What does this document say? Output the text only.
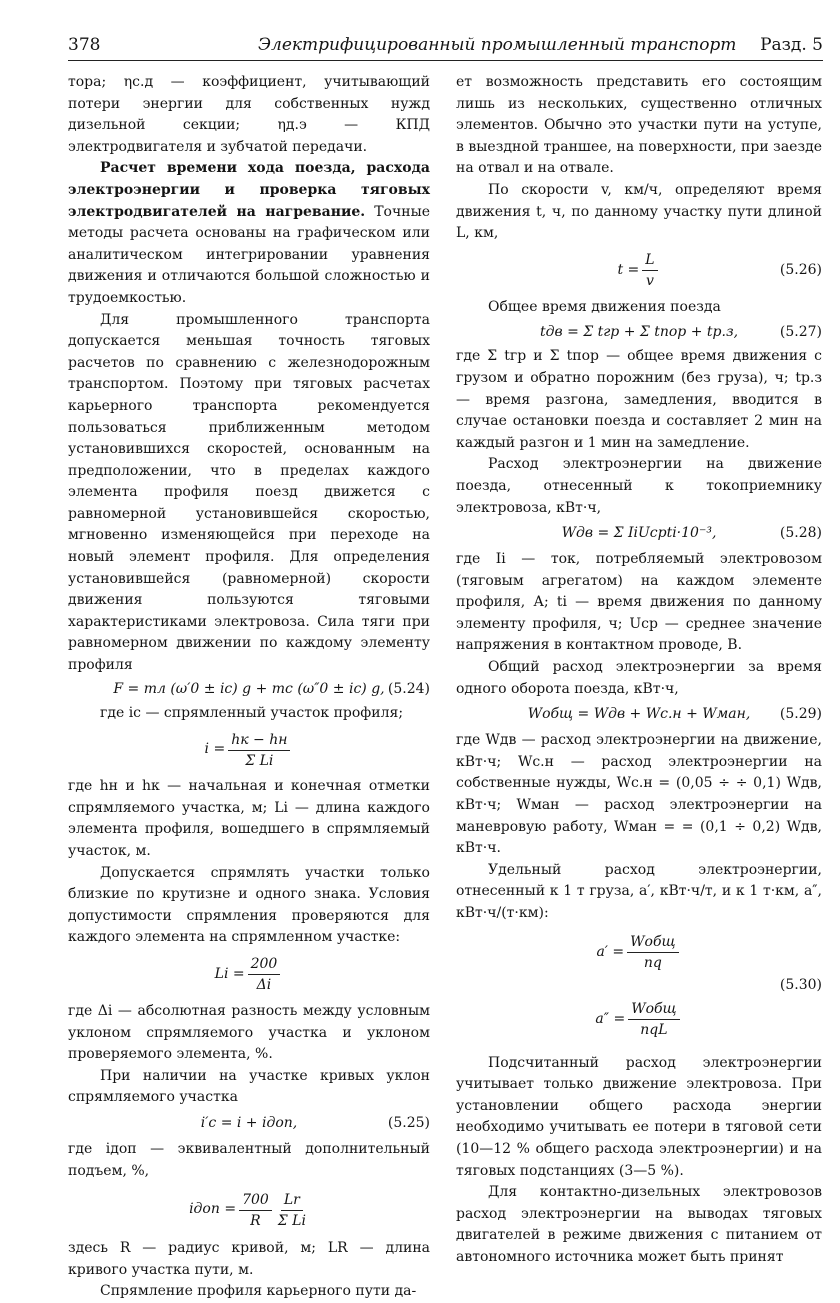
378	Электрифицированный промышленный транспорт Разд. 5

тора; ηс.д — коэффициент, учитывающий потери энергии для собственных нужд дизельной секции; ηд.э — КПД электродвигателя и зубчатой передачи.

Расчет времени хода поезда, расхода электроэнергии и проверка тяговых электродвигателей на нагревание. Точные методы расчета основаны на графическом или аналитическом интегрировании уравнения движения и отличаются большой сложностью и трудоемкостью.

Для промышленного транспорта допускается меньшая точность тяговых расчетов по сравнению с железнодорожным транспортом. Поэтому при тяговых расчетах карьерного транспорта рекомендуется пользоваться приближенным методом установившихся скоростей, основанным на предположении, что в пределах каждого элемента профиля поезд движется с равномерной установившейся скоростью, мгновенно изменяющейся при переходе на новый элемент профиля. Для определения установившейся (равномерной) скорости движения пользуются тяговыми характеристиками электровоза. Сила тяги при равномерном движении по каждому элементу профиля

F = mл (ω′0 ± iс) g + mс (ω″0 ± iс) g, (5.24)

где iс — спрямленный участок профиля;

i =
hк − hн
Σ Li

где hн и hк — начальная и конечная отметки спрямляемого участка, м; Li — длина каждого элемента профиля, вошедшего в спрямляемый участок, м.

Допускается спрямлять участки только близкие по крутизне и одного знака. Условия допустимости спрямления проверяются для каждого элемента на спрямленном участке:

$Li = \frac{200}{\Delta i}$

где Δi — абсолютная разность между условным уклоном спрямляемого участка и уклоном проверяемого элемента, %.

При наличии на участке кривых уклон спрямляемого участка

i′с = i + iдоп,	(5.25)

где iдоп — эквивалентный дополнительный подъем, %,

iдоп = $\frac{700}{R} \frac{Lr}{\text{Σ Li}}$

здесь R — радиус кривой, м; LR — длина кривого участка пути, м.

Спрямление профиля карьерного пути да-

ет возможность представить его состоящим лишь из нескольких, существенно отличных элементов. Обычно это участки пути на уступе, в выездной траншее, на поверхности, при заезде на отвал и на отвале.

По скорости v, км/ч, определяют время движения t, ч, по данному участку пути длиной L, км,

$t = \frac{L}{v}$	(5.26)

Общее время движения поезда

tдв = Σ tгр + Σ tпор + tр.з,	(5.27)

где Σ tгр и Σ tпор — общее время движения с грузом и обратно порожним (без груза), ч; tр.з — время разгона, замедления, вводится в случае остановки поезда и составляет 2 мин на каждый разгон и 1 мин на замедление.

Расход электроэнергии на движение поезда, отнесенный к токоприемнику электровоза, кВт·ч,

Wдв = Σ IiUсрti·10⁻³,	(5.28)

где Ii — ток, потребляемый электровозом (тяговым агрегатом) на каждом элементе профиля, А; ti — время движения по данному элементу профиля, ч; Uср — среднее значение напряжения в контактном проводе, В.

Общий расход электроэнергии за время одного оборота поезда, кВт·ч,

Wобщ = Wдв + Wс.н + Wман, (5.29)

где Wдв — расход электроэнергии на движение, кВт·ч; Wс.н — расход электроэнергии на собственные нужды, Wс.н = (0,05 ÷ ÷ 0,1) Wдв, кВт·ч; Wман — расход электроэнергии на маневровую работу, Wман = = (0,1 ÷ 0,2) Wдв, кВт·ч.

Удельный расход электроэнергии, отнесенный к 1 т груза, a′, кВт·ч/т, и к 1 т·км, a″, кВт·ч/(т·км):

a′ =
Wобщ
nq
(5.30)
a″ =
Wобщ
nqL

Подсчитанный расход электроэнергии учитывает только движение электровоза. При установлении общего расхода энергии необходимо учитывать ее потери в тяговой сети (10—12 % общего расхода электроэнергии) и на тяговых подстанциях (3—5 %).

Для контактно-дизельных электровозов расход электроэнергии на выводах тяговых двигателей в режиме движения с питанием от автономного источника может быть принят
